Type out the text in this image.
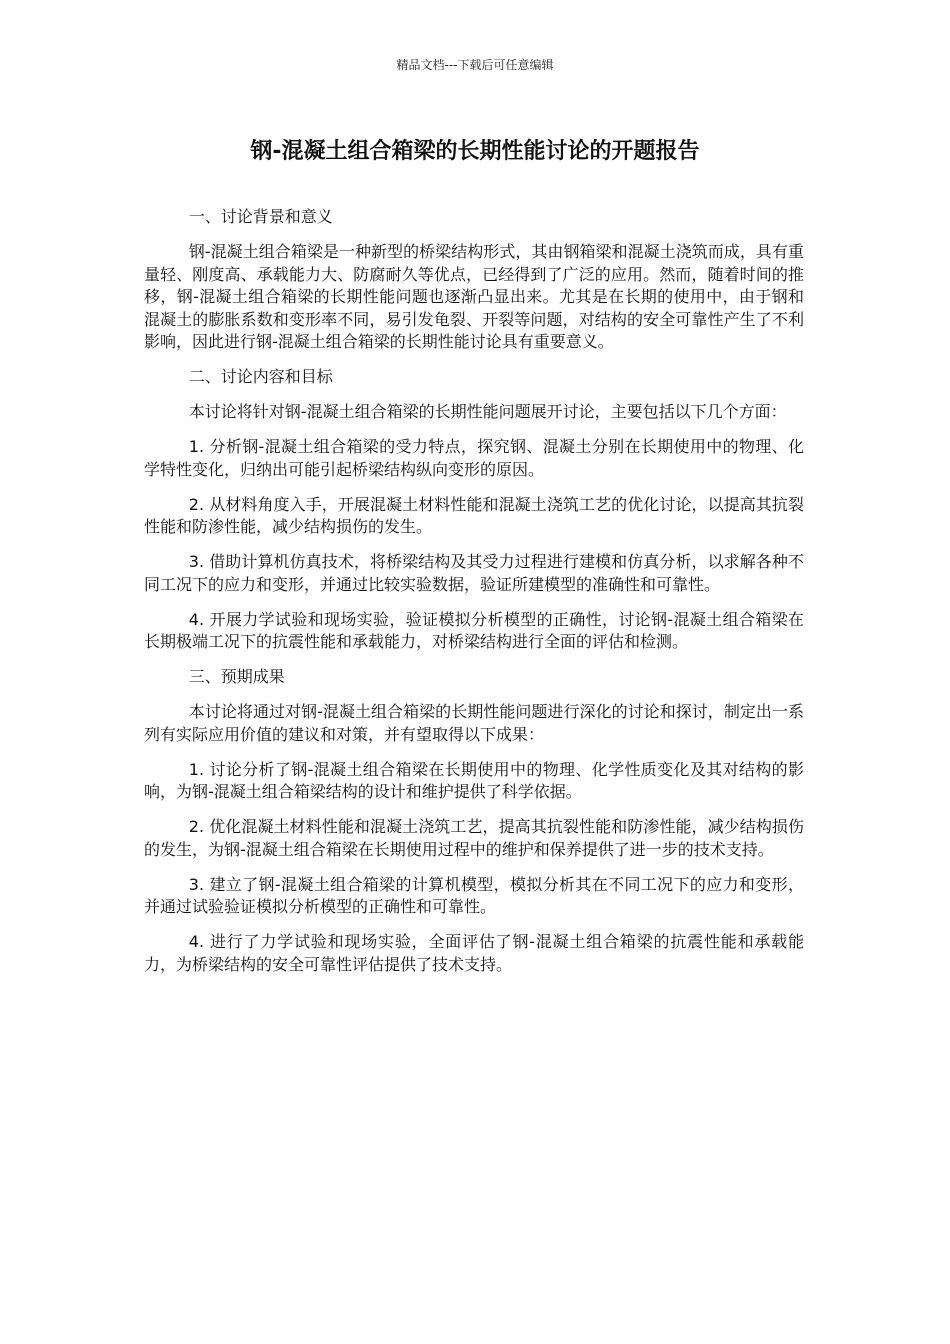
精品文档---下载后可任意编辑
钢-混凝土组合箱梁的长期性能讨论的开题报告

一、讨论背景和意义

钢-混凝土组合箱梁是一种新型的桥梁结构形式，其由钢箱梁和混凝土浇筑而成，具有重量轻、刚度高、承载能力大、防腐耐久等优点，已经得到了广泛的应用。然而，随着时间的推移，钢-混凝土组合箱梁的长期性能问题也逐渐凸显出来。尤其是在长期的使用中，由于钢和混凝土的膨胀系数和变形率不同，易引发龟裂、开裂等问题，对结构的安全可靠性产生了不利影响，因此进行钢-混凝土组合箱梁的长期性能讨论具有重要意义。

二、讨论内容和目标

本讨论将针对钢-混凝土组合箱梁的长期性能问题展开讨论，主要包括以下几个方面：

1. 分析钢-混凝土组合箱梁的受力特点，探究钢、混凝土分别在长期使用中的物理、化学特性变化，归纳出可能引起桥梁结构纵向变形的原因。

2. 从材料角度入手，开展混凝土材料性能和混凝土浇筑工艺的优化讨论，以提高其抗裂性能和防渗性能，减少结构损伤的发生。

3. 借助计算机仿真技术，将桥梁结构及其受力过程进行建模和仿真分析，以求解各种不同工况下的应力和变形，并通过比较实验数据，验证所建模型的准确性和可靠性。

4. 开展力学试验和现场实验，验证模拟分析模型的正确性，讨论钢-混凝土组合箱梁在长期极端工况下的抗震性能和承载能力，对桥梁结构进行全面的评估和检测。

三、预期成果

本讨论将通过对钢-混凝土组合箱梁的长期性能问题进行深化的讨论和探讨，制定出一系列有实际应用价值的建议和对策，并有望取得以下成果：

1. 讨论分析了钢-混凝土组合箱梁在长期使用中的物理、化学性质变化及其对结构的影响，为钢-混凝土组合箱梁结构的设计和维护提供了科学依据。

2. 优化混凝土材料性能和混凝土浇筑工艺，提高其抗裂性能和防渗性能，减少结构损伤的发生，为钢-混凝土组合箱梁在长期使用过程中的维护和保养提供了进一步的技术支持。

3. 建立了钢-混凝土组合箱梁的计算机模型，模拟分析其在不同工况下的应力和变形，并通过试验验证模拟分析模型的正确性和可靠性。

4. 进行了力学试验和现场实验，全面评估了钢-混凝土组合箱梁的抗震性能和承载能力，为桥梁结构的安全可靠性评估提供了技术支持。
